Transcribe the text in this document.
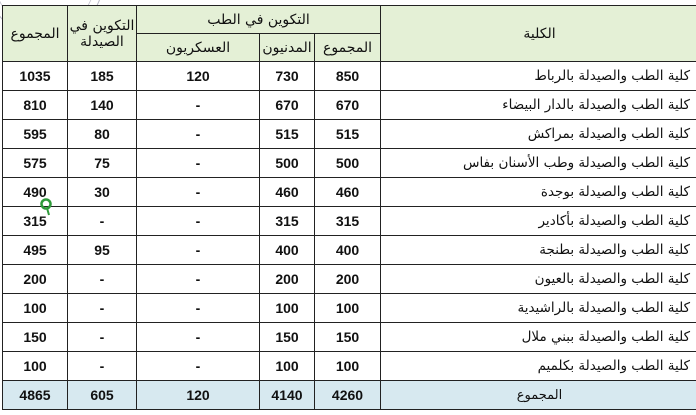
الكلية	التكوين في الطب			التكوين في الصيدلة	المجموع
	المجموع	المدنيون	العسكريون		
كلية الطب والصيدلة بالرباط	850	730	120	185	1035
كلية الطب والصيدلة بالدار البيضاء	670	670	-	140	810
كلية الطب والصيدلة بمراكش	515	515	-	80	595
كلية الطب والصيدلة وطب الأسنان بفاس	500	500	-	75	575
كلية الطب والصيدلة بوجدة	460	460	-	30	490
كلية الطب والصيدلة بأكادير	315	315	-	-	315
كلية الطب والصيدلة بطنجة	400	400	-	95	495
كلية الطب والصيدلة بالعيون	200	200	-	-	200
كلية الطب والصيدلة بالراشيدية	100	100	-	-	100
كلية الطب والصيدلة ببني ملال	150	150	-	-	150
كلية الطب والصيدلة بكلميم	100	100	-	-	100
المجموع	4260	4140	120	605	4865
